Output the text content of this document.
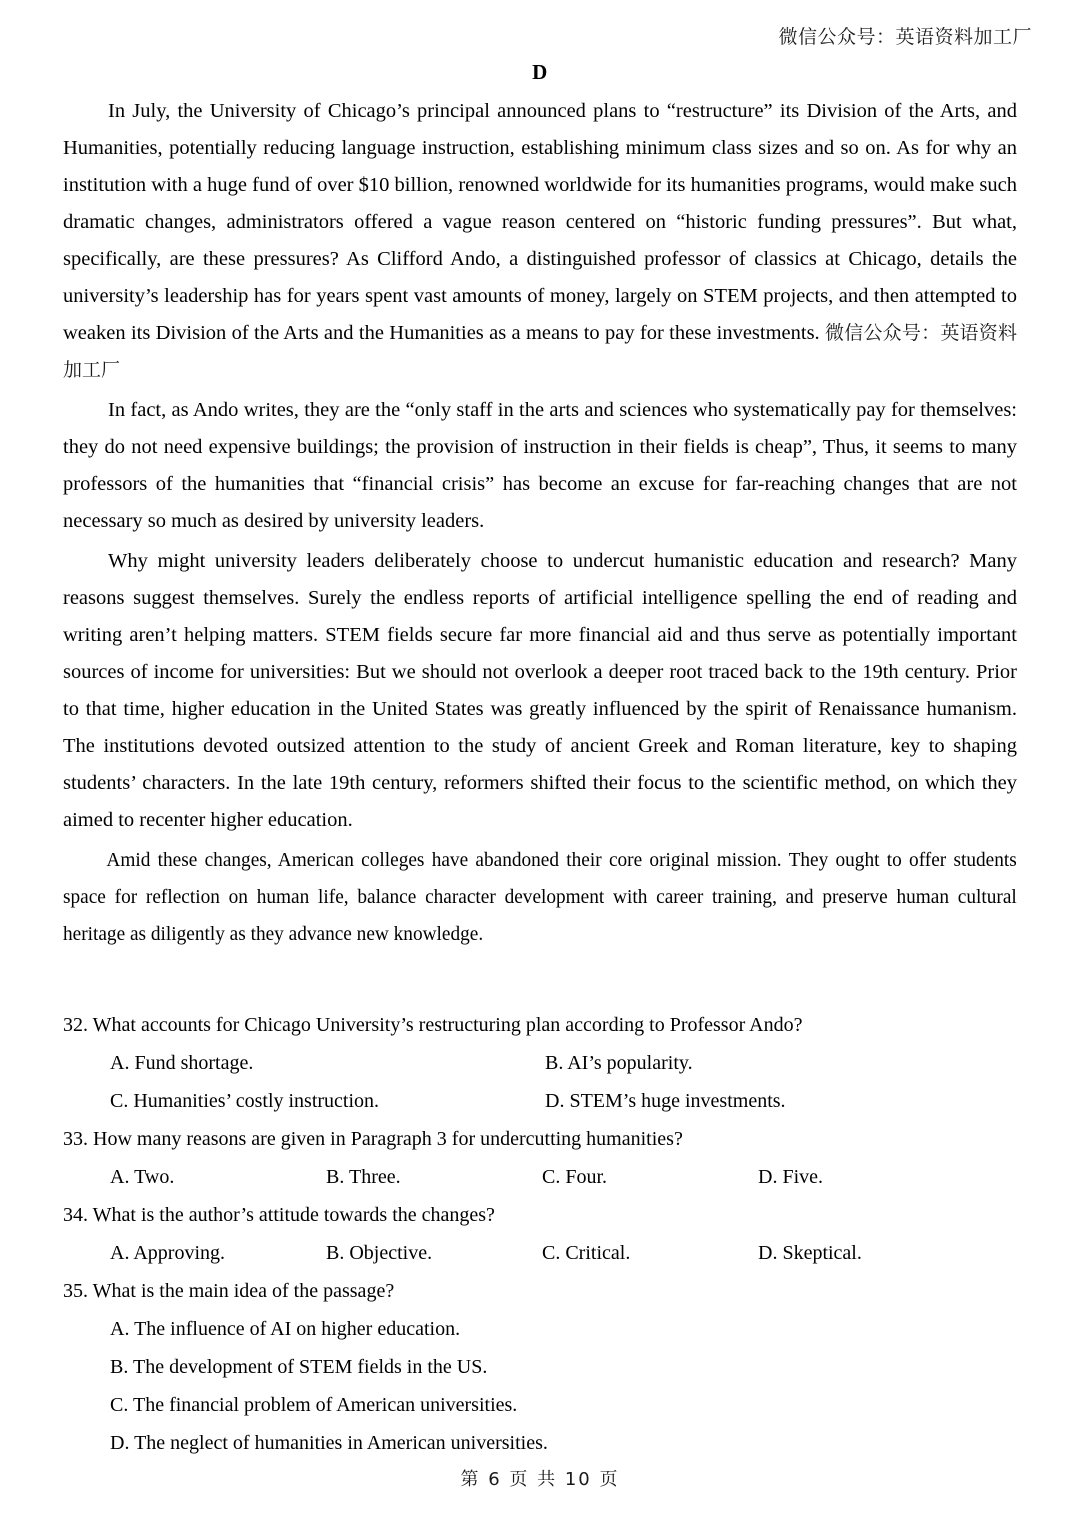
微信公众号：英语资料加工厂
D

In July, the University of Chicago’s principal announced plans to “restructure” its Division of the Arts, and Humanities, potentially reducing language instruction, establishing minimum class sizes and so on. As for why an institution with a huge fund of over $10 billion, renowned worldwide for its humanities programs, would make such dramatic changes, administrators offered a vague reason centered on “historic funding pressures”. But what, specifically, are these pressures? As Clifford Ando, a distinguished professor of classics at Chicago, details the university’s leadership has for years spent vast amounts of money, largely on STEM projects, and then attempted to weaken its Division of the Arts and the Humanities as a means to pay for these investments. 微信公众号：英语资料加工厂

In fact, as Ando writes, they are the “only staff in the arts and sciences who systematically pay for themselves: they do not need expensive buildings; the provision of instruction in their fields is cheap”, Thus, it seems to many professors of the humanities that “financial crisis” has become an excuse for far-reaching changes that are not necessary so much as desired by university leaders.

Why might university leaders deliberately choose to undercut humanistic education and research? Many reasons suggest themselves. Surely the endless reports of artificial intelligence spelling the end of reading and writing aren’t helping matters. STEM fields secure far more financial aid and thus serve as potentially important sources of income for universities: But we should not overlook a deeper root traced back to the 19th century. Prior to that time, higher education in the United States was greatly influenced by the spirit of Renaissance humanism. The institutions devoted outsized attention to the study of ancient Greek and Roman literature, key to shaping students’ characters. In the late 19th century, reformers shifted their focus to the scientific method, on which they aimed to recenter higher education.

Amid these changes, American colleges have abandoned their core original mission. They ought to offer students space for reflection on human life, balance character development with career training, and preserve human cultural heritage as diligently as they advance new knowledge.

32. What accounts for Chicago University’s restructuring plan according to Professor Ando?
A. Fund shortage.	B. AI’s popularity.
C. Humanities’ costly instruction.	D. STEM’s huge investments.
33. How many reasons are given in Paragraph 3 for undercutting humanities?
A. Two.	B. Three.	C. Four.	D. Five.
34. What is the author’s attitude towards the changes?
A. Approving.	B. Objective.	C. Critical.	D. Skeptical.
35. What is the main idea of the passage?
A. The influence of AI on higher education.
B. The development of STEM fields in the US.
C. The financial problem of American universities.
D. The neglect of humanities in American universities.
第 6 页 共 10 页
